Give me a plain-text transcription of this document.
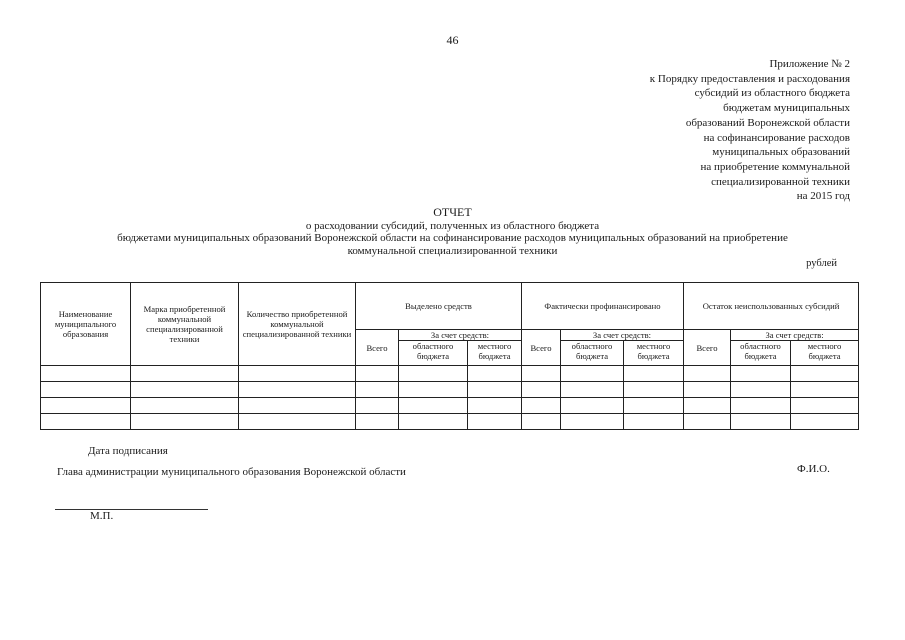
46
Приложение № 2
к Порядку предоставления и расходования
субсидий из областного бюджета
бюджетам муниципальных
образований Воронежской области
на софинансирование расходов
муниципальных образований
на приобретение коммунальной
специализированной техники
на 2015 год
ОТЧЕТ
о расходовании субсидий, полученных из областного бюджета
бюджетами муниципальных образований Воронежской области на софинансирование расходов муниципальных образований на приобретение
коммунальной специализированной техники
рублей
Наименование муниципального образования	Марка приобретенной коммунальной специализированной техники	Количество приобретенной коммунальной специализированной техники	Выделено средств			Фактически профинансировано			Остаток неиспользованных субсидий		
			Всего	За счет средств:		Всего	За счет средств:		Всего	За счет средств:	
				областного бюджета	местного бюджета		областного бюджета	местного бюджета		областного бюджета	местного бюджета

Дата подписания
Глава администрации муниципального образования Воронежской области	Ф.И.О.
М.П.
